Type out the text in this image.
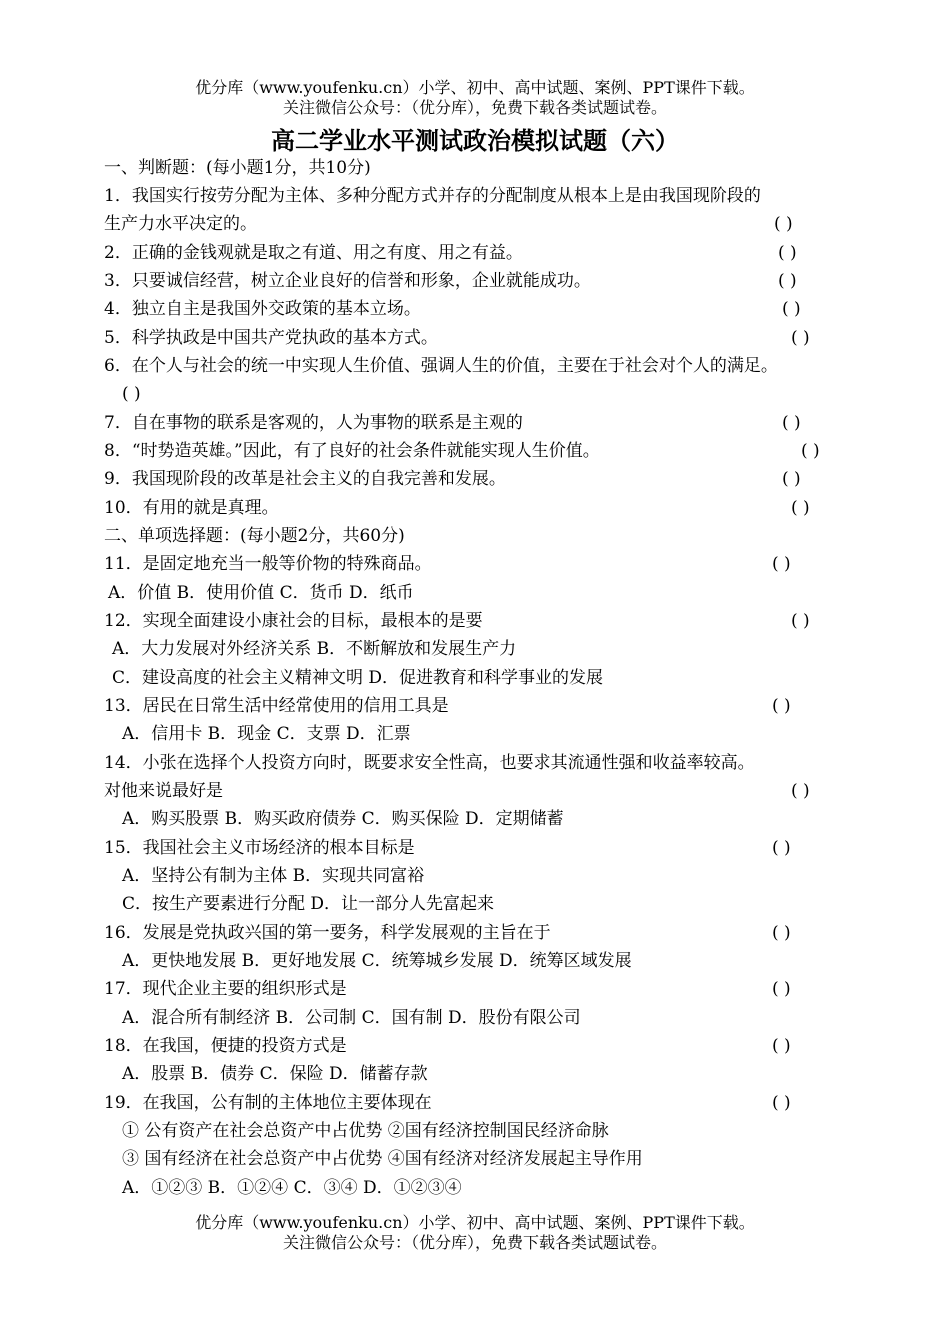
优分库（www.youfenku.cn）小学、初中、高中试题、案例、PPT课件下载。
关注微信公众号：（优分库），免费下载各类试题试卷。
高二学业水平测试政治模拟试题（六）
一、判断题：(每小题1分，共10分)
1．我国实行按劳分配为主体、多种分配方式并存的分配制度从根本上是由我国现阶段的
生产力水平决定的。	( )
2．正确的金钱观就是取之有道、用之有度、用之有益。	( )
3．只要诚信经营，树立企业良好的信誉和形象，企业就能成功。	( )
4．独立自主是我国外交政策的基本立场。	( )
5．科学执政是中国共产党执政的基本方式。	( )
6．在个人与社会的统一中实现人生价值、强调人生的价值，主要在于社会对个人的满足。
( )
7．自在事物的联系是客观的，人为事物的联系是主观的	( )
8．“时势造英雄。”因此，有了良好的社会条件就能实现人生价值。	( )
9．我国现阶段的改革是社会主义的自我完善和发展。	( )
10．有用的就是真理。	( )
二、单项选择题：(每小题2分，共60分)
11．是固定地充当一般等价物的特殊商品。	( )
A．价值 B．使用价值 C．货币 D．纸币
12．实现全面建设小康社会的目标，最根本的是要	( )
A．大力发展对外经济关系 B．不断解放和发展生产力
C．建设高度的社会主义精神文明 D．促进教育和科学事业的发展
13．居民在日常生活中经常使用的信用工具是	( )
A．信用卡 B．现金 C．支票 D．汇票
14．小张在选择个人投资方向时，既要求安全性高，也要求其流通性强和收益率较高。
对他来说最好是	( )
A．购买股票 B．购买政府债券 C．购买保险 D．定期储蓄
15．我国社会主义市场经济的根本目标是	( )
A．坚持公有制为主体 B．实现共同富裕
C．按生产要素进行分配 D．让一部分人先富起来
16．发展是党执政兴国的第一要务，科学发展观的主旨在于	( )
A．更快地发展 B．更好地发展 C．统筹城乡发展 D．统筹区域发展
17．现代企业主要的组织形式是	( )
A．混合所有制经济 B．公司制 C．国有制 D．股份有限公司
18．在我国，便捷的投资方式是	( )
A．股票 B．债券 C．保险 D．储蓄存款
19．在我国，公有制的主体地位主要体现在	( )
① 公有资产在社会总资产中占优势 ②国有经济控制国民经济命脉
③ 国有经济在社会总资产中占优势 ④国有经济对经济发展起主导作用
A．①②③ B．①②④ C．③④ D．①②③④
优分库（www.youfenku.cn）小学、初中、高中试题、案例、PPT课件下载。
关注微信公众号：（优分库），免费下载各类试题试卷。
